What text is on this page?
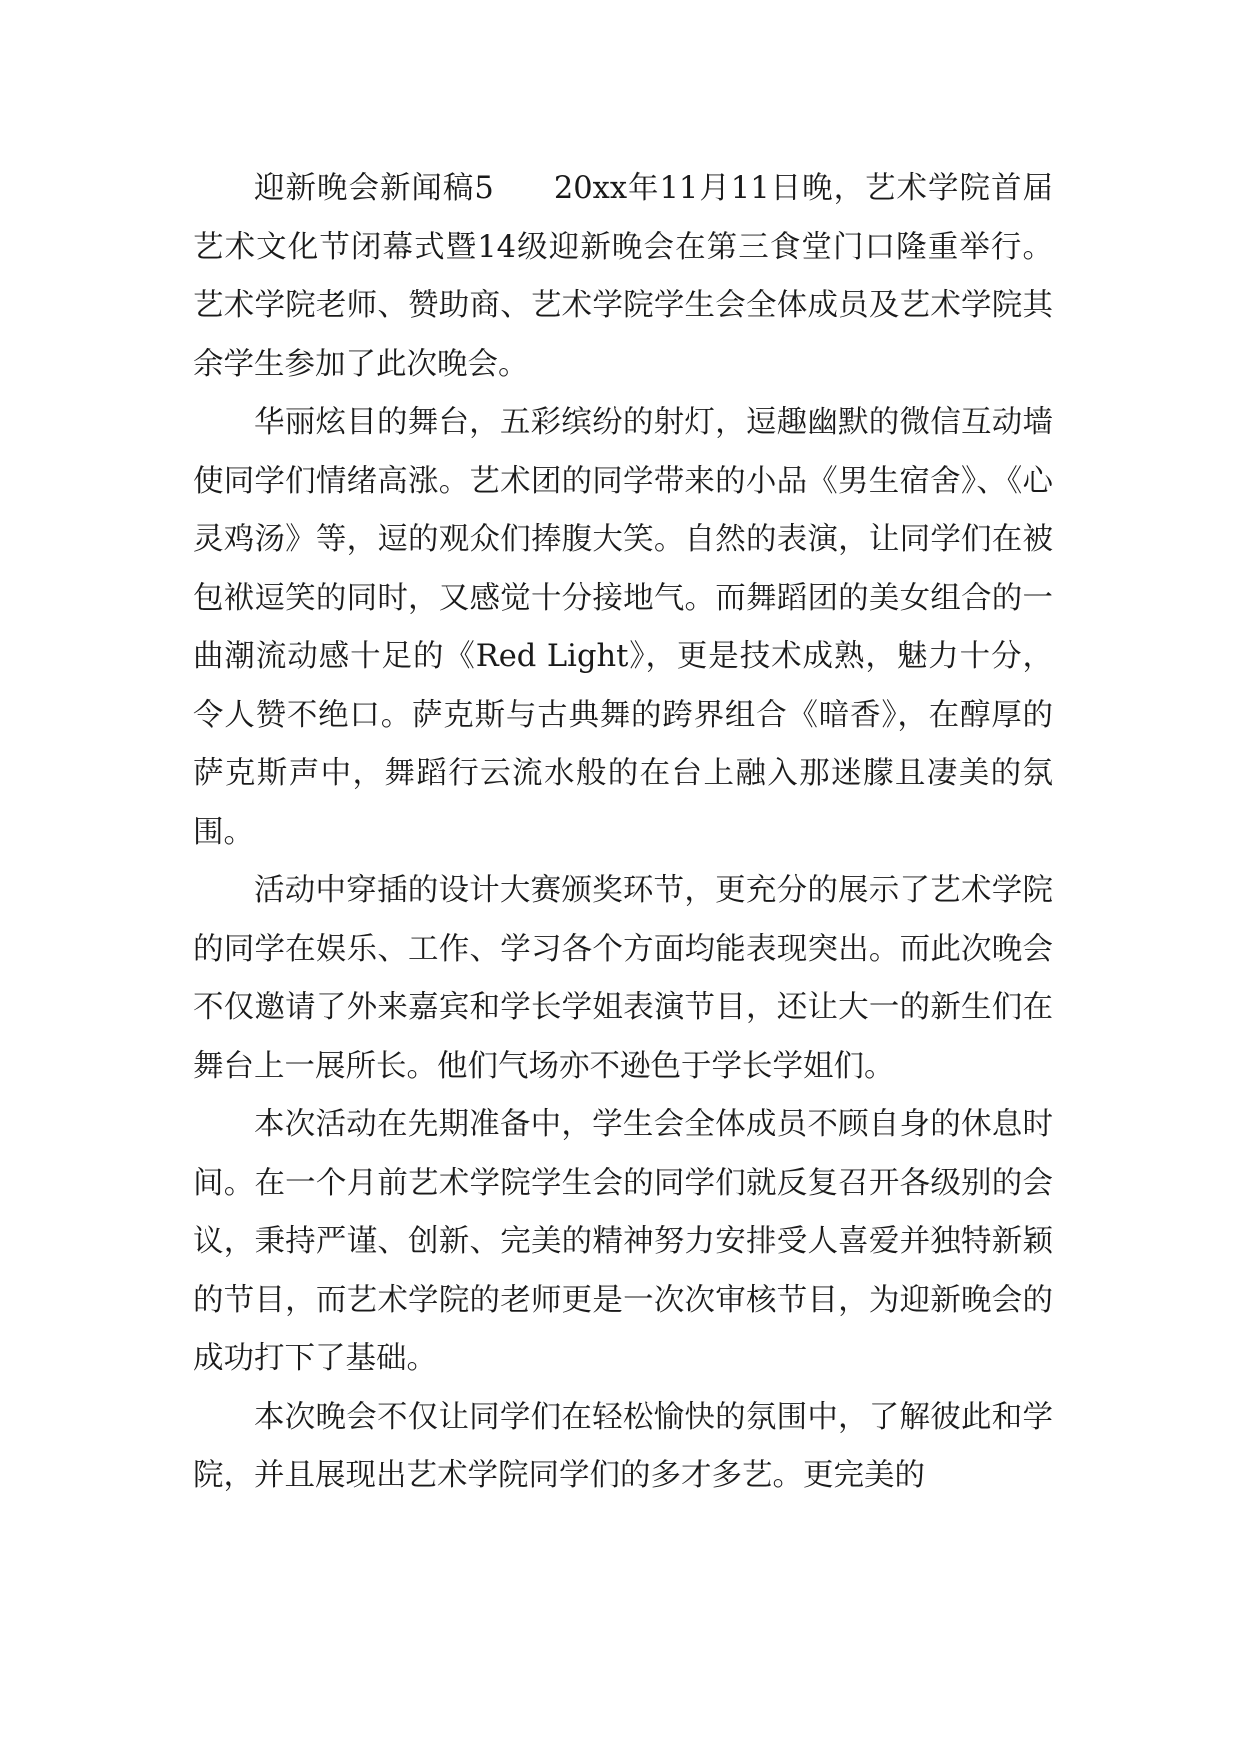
迎新晚会新闻稿5 20xx年11月11日晚，艺术学院首届艺术文化节闭幕式暨14级迎新晚会在第三食堂门口隆重举行。艺术学院老师、赞助商、艺术学院学生会全体成员及艺术学院其余学生参加了此次晚会。

华丽炫目的舞台，五彩缤纷的射灯，逗趣幽默的微信互动墙使同学们情绪高涨。艺术团的同学带来的小品《男生宿舍》、《心灵鸡汤》等，逗的观众们捧腹大笑。自然的表演，让同学们在被包袱逗笑的同时，又感觉十分接地气。而舞蹈团的美女组合的一曲潮流动感十足的《Red Light》，更是技术成熟，魅力十分，令人赞不绝口。萨克斯与古典舞的跨界组合《暗香》，在醇厚的萨克斯声中，舞蹈行云流水般的在台上融入那迷朦且凄美的氛围。

活动中穿插的设计大赛颁奖环节，更充分的展示了艺术学院的同学在娱乐、工作、学习各个方面均能表现突出。而此次晚会不仅邀请了外来嘉宾和学长学姐表演节目，还让大一的新生们在舞台上一展所长。他们气场亦不逊色于学长学姐们。

本次活动在先期准备中，学生会全体成员不顾自身的休息时间。在一个月前艺术学院学生会的同学们就反复召开各级别的会议，秉持严谨、创新、完美的精神努力安排受人喜爱并独特新颖的节目，而艺术学院的老师更是一次次审核节目，为迎新晚会的成功打下了基础。

本次晚会不仅让同学们在轻松愉快的氛围中，了解彼此和学院，并且展现出艺术学院同学们的多才多艺。更完美的
